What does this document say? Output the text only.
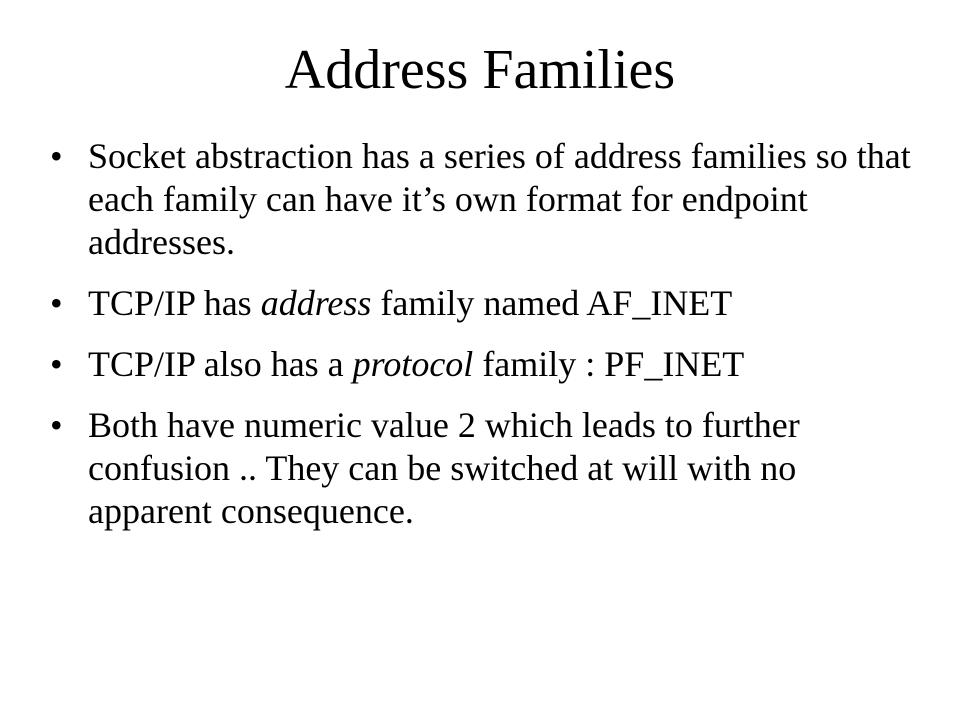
Address Families
• Socket abstraction has a series of address families so that each family can have it’s own format for endpoint addresses.
• TCP/IP has address family named AF_INET
• TCP/IP also has a protocol family : PF_INET
• Both have numeric value 2 which leads to further confusion .. They can be switched at will with no apparent consequence.
